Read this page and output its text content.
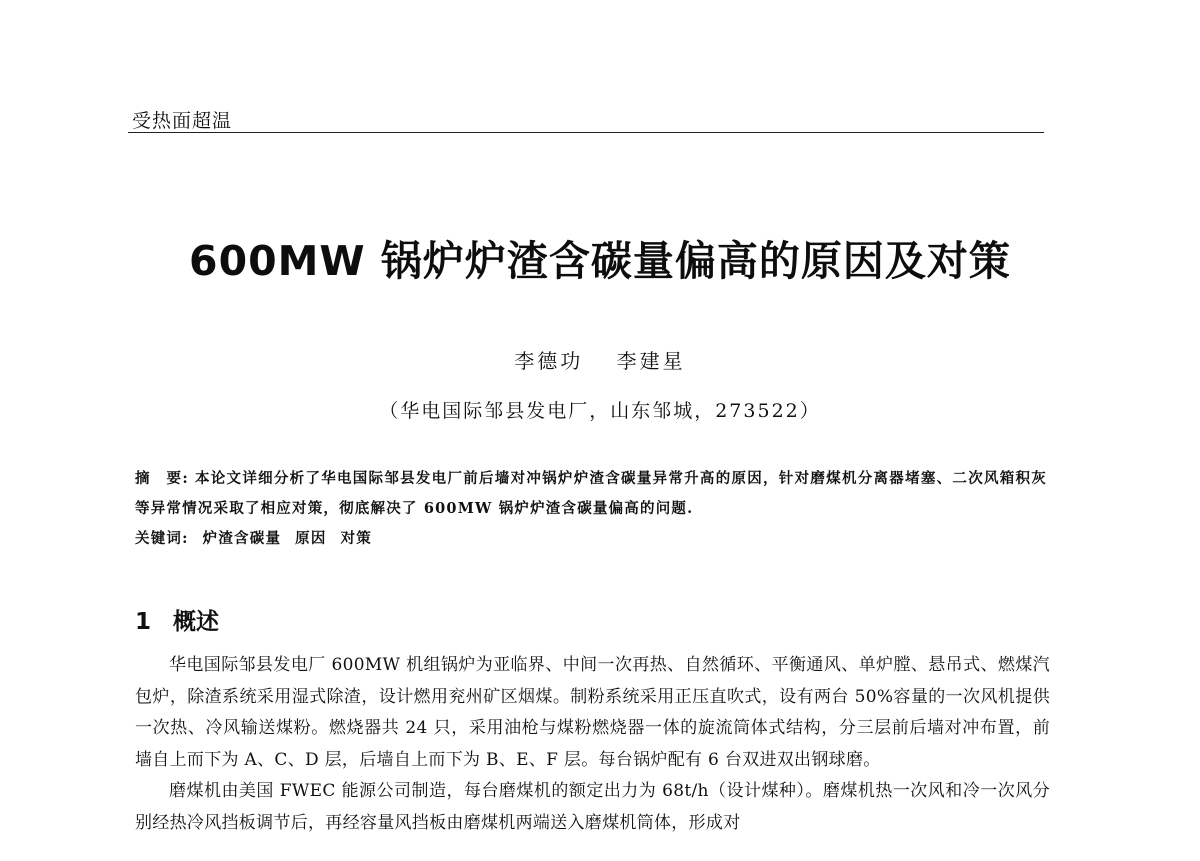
受热面超温
600MW 锅炉炉渣含碳量偏高的原因及对策
李德功 李建星
（华电国际邹县发电厂，山东邹城，273522）
摘　要: 本论文详细分析了华电国际邹县发电厂前后墙对冲锅炉炉渣含碳量异常升高的原因，针对磨煤机分离器堵塞、二次风箱积灰等异常情况采取了相应对策，彻底解决了 600MW 锅炉炉渣含碳量偏高的问题.
关键词: 炉渣含碳量 原因 对策
1 概述

华电国际邹县发电厂 600MW 机组锅炉为亚临界、中间一次再热、自然循环、平衡通风、单炉膛、悬吊式、燃煤汽包炉，除渣系统采用湿式除渣，设计燃用兖州矿区烟煤。制粉系统采用正压直吹式，设有两台 50%容量的一次风机提供一次热、冷风输送煤粉。燃烧器共 24 只，采用油枪与煤粉燃烧器一体的旋流筒体式结构，分三层前后墙对冲布置，前墙自上而下为 A、C、D 层，后墙自上而下为 B、E、F 层。每台锅炉配有 6 台双进双出钢球磨。

磨煤机由美国 FWEC 能源公司制造，每台磨煤机的额定出力为 68t/h（设计煤种）。磨煤机热一次风和冷一次风分别经热冷风挡板调节后，再经容量风挡板由磨煤机两端送入磨煤机筒体，形成对
